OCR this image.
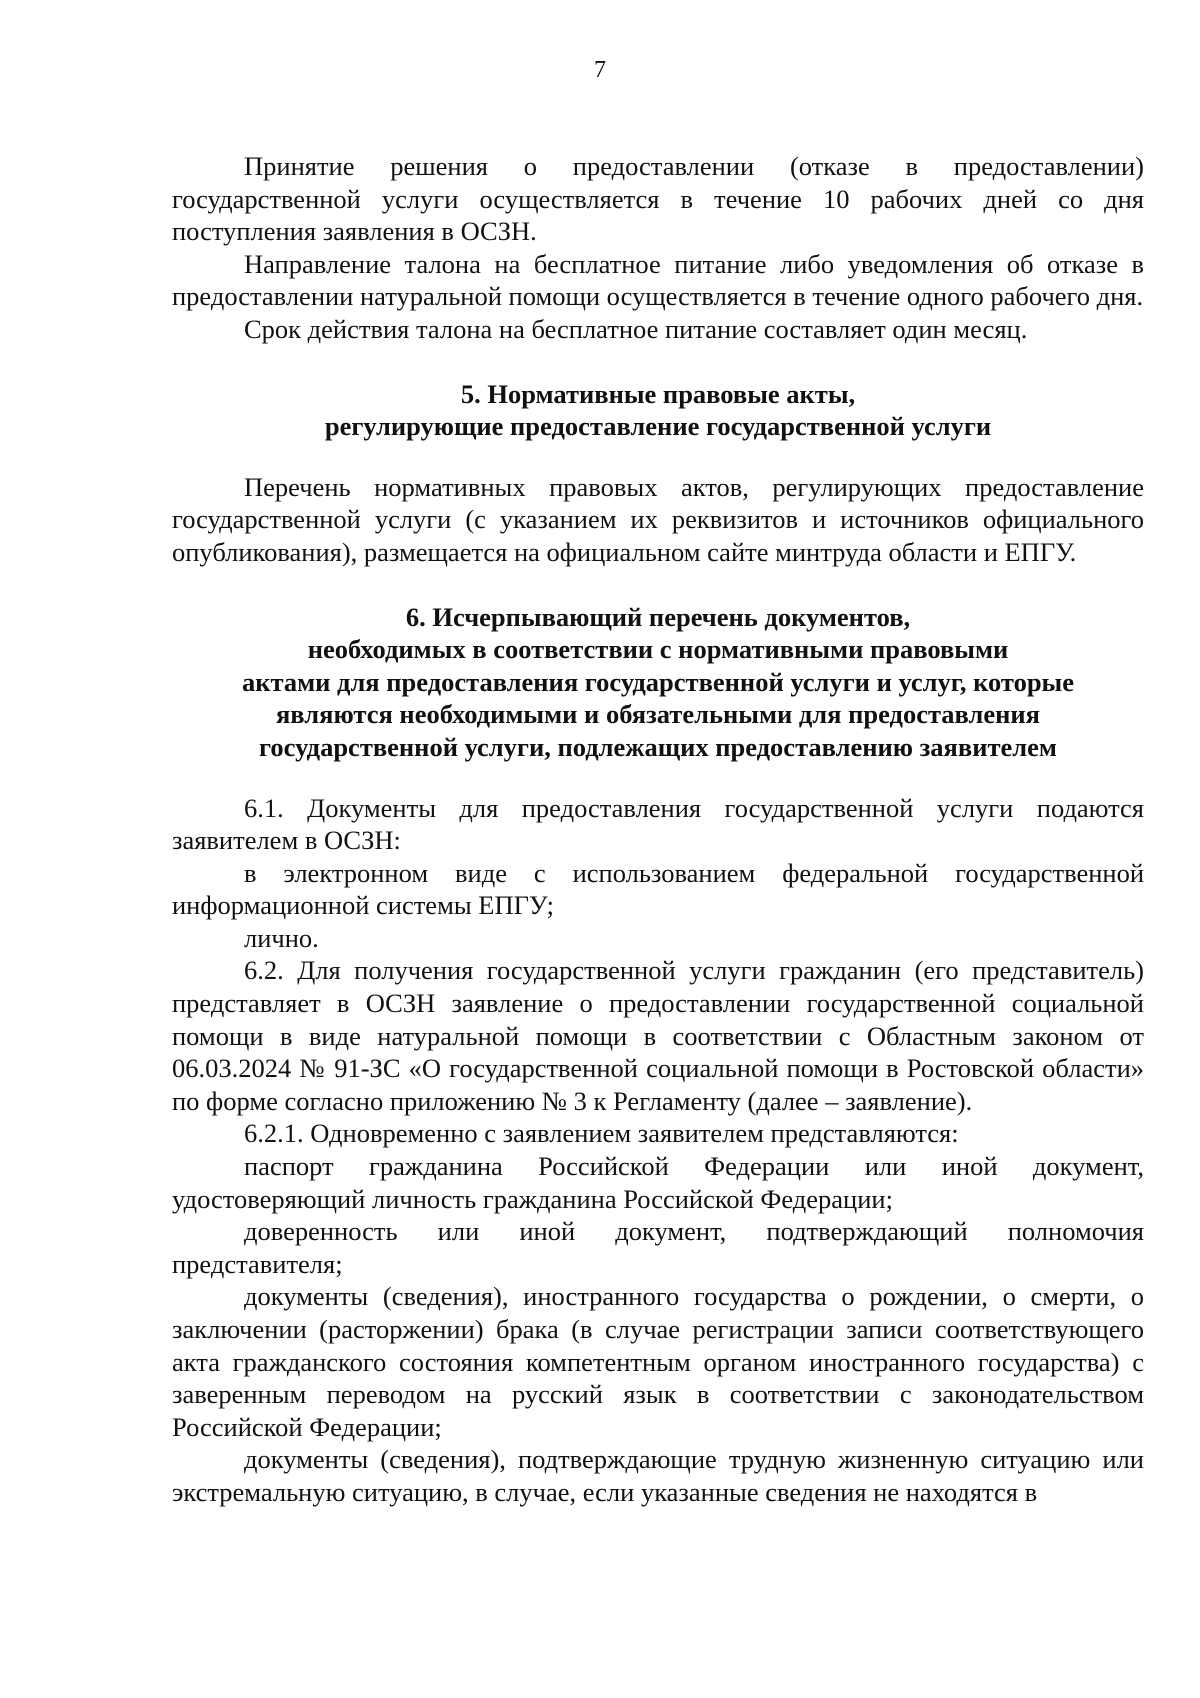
7

Принятие решения о предоставлении (отказе в предоставлении) государственной услуги осуществляется в течение 10 рабочих дней со дня поступления заявления в ОСЗН.

Направление талона на бесплатное питание либо уведомления об отказе в предоставлении натуральной помощи осуществляется в течение одного рабочего дня.

Срок действия талона на бесплатное питание составляет один месяц.

5. Нормативные правовые акты,
регулирующие предоставление государственной услуги

Перечень нормативных правовых актов, регулирующих предоставление государственной услуги (с указанием их реквизитов и источников официального опубликования), размещается на официальном сайте минтруда области и ЕПГУ.

6. Исчерпывающий перечень документов,
необходимых в соответствии с нормативными правовыми
актами для предоставления государственной услуги и услуг, которые
являются необходимыми и обязательными для предоставления
государственной услуги, подлежащих предоставлению заявителем

6.1. Документы для предоставления государственной услуги подаются заявителем в ОСЗН:

в электронном виде с использованием федеральной государственной информационной системы ЕПГУ;

лично.

6.2. Для получения государственной услуги гражданин (его представитель) представляет в ОСЗН заявление о предоставлении государственной социальной помощи в виде натуральной помощи в соответствии с Областным законом от 06.03.2024 № 91-ЗС «О государственной социальной помощи в Ростовской области» по форме согласно приложению № 3 к Регламенту (далее – заявление).

6.2.1. Одновременно с заявлением заявителем представляются:

паспорт гражданина Российской Федерации или иной документ, удостоверяющий личность гражданина Российской Федерации;

доверенность или иной документ, подтверждающий полномочия представителя;

документы (сведения), иностранного государства о рождении, о смерти, о заключении (расторжении) брака (в случае регистрации записи соответствующего акта гражданского состояния компетентным органом иностранного государства) с заверенным переводом на русский язык в соответствии с законодательством Российской Федерации;

документы (сведения), подтверждающие трудную жизненную ситуацию или экстремальную ситуацию, в случае, если указанные сведения не находятся в
